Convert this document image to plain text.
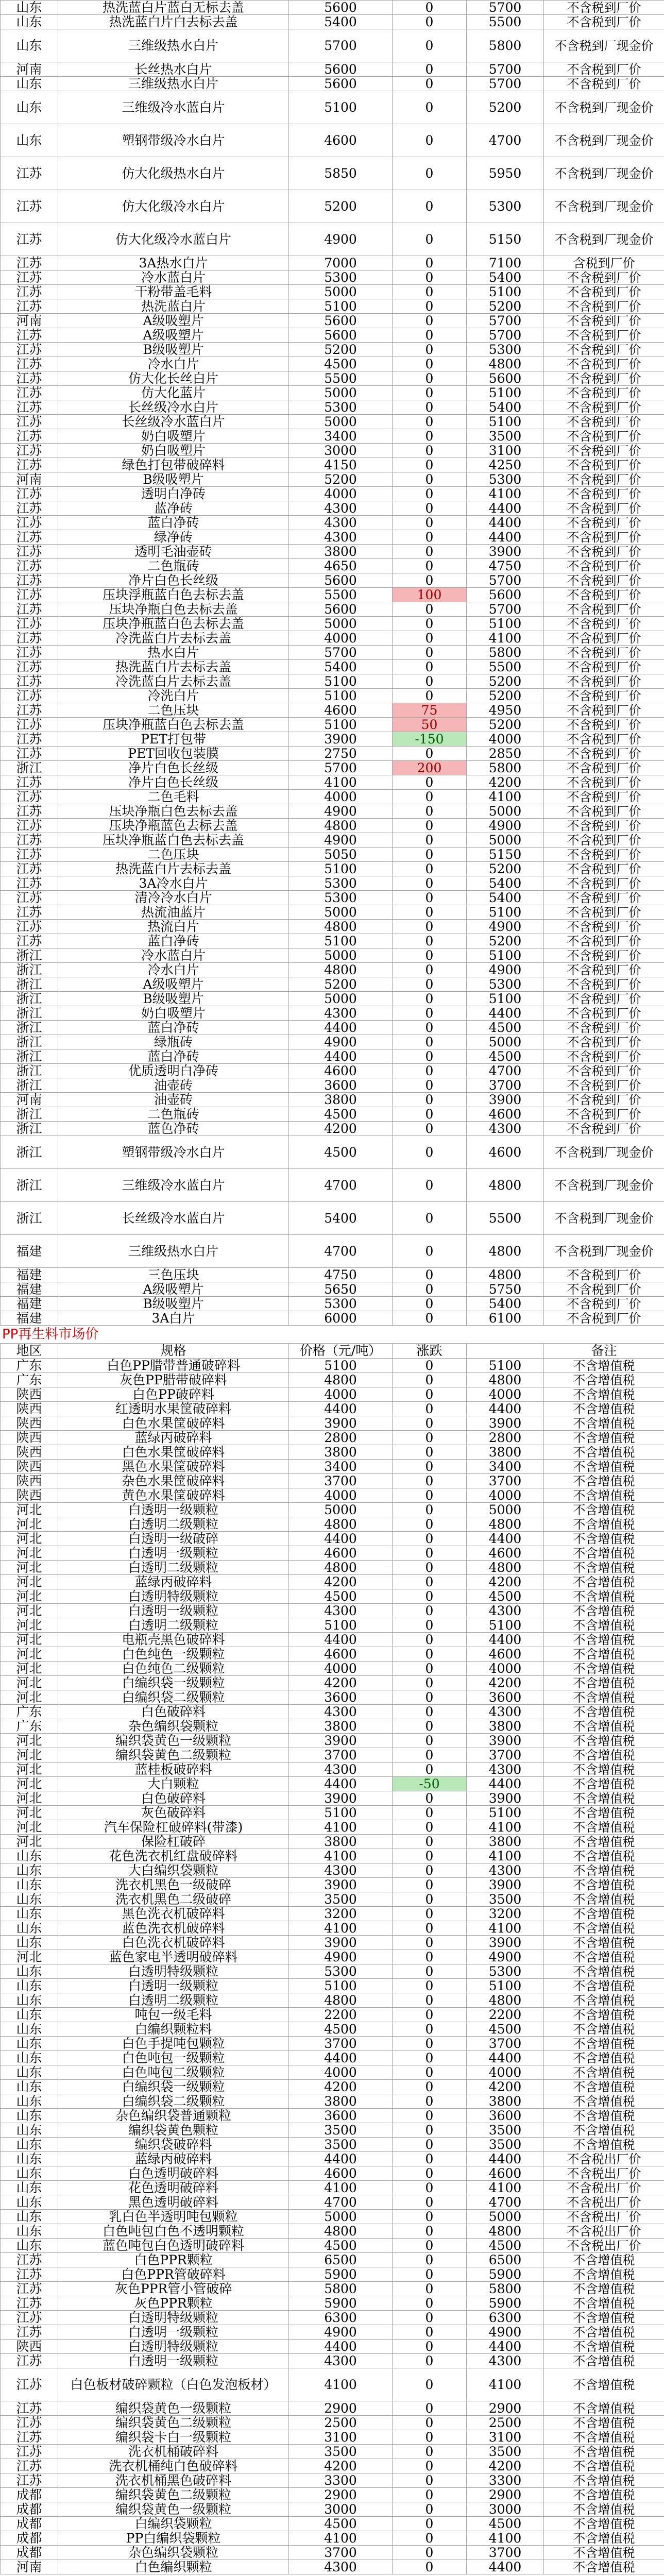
山东	热洗蓝白片蓝白无标去盖	5600	0	5700	不含税到厂价
山东	热洗蓝白片白去标去盖	5400	0	5500	不含税到厂价
山东	三维级热水白片	5700	0	5800	不含税到厂现金价
河南	长丝热水白片	5600	0	5700	不含税到厂价
山东	三维级热水白片	5600	0	5700	不含税到厂价
山东	三维级冷水蓝白片	5100	0	5200	不含税到厂现金价
山东	塑钢带级冷水白片	4600	0	4700	不含税到厂现金价
江苏	仿大化级热水白片	5850	0	5950	不含税到厂现金价
江苏	仿大化级冷水白片	5200	0	5300	不含税到厂现金价
江苏	仿大化级冷水蓝白片	4900	0	5150	不含税到厂现金价
江苏	3A热水白片	7000	0	7100	含税到厂价
江苏	冷水蓝白片	5300	0	5400	不含税到厂价
江苏	干粉带盖毛料	5000	0	5100	不含税到厂价
江苏	热洗蓝白片	5100	0	5200	不含税到厂价
河南	A级吸塑片	5600	0	5700	不含税到厂价
江苏	A级吸塑片	5600	0	5700	不含税到厂价
江苏	B级吸塑片	5200	0	5300	不含税到厂价
江苏	冷水白片	4500	0	4800	不含税到厂价
江苏	仿大化长丝白片	5500	0	5600	不含税到厂价
江苏	仿大化蓝片	5000	0	5100	不含税到厂价
江苏	长丝级冷水白片	5300	0	5400	不含税到厂价
江苏	长丝级冷水蓝白片	5000	0	5100	不含税到厂价
江苏	奶白吸塑片	3400	0	3500	不含税到厂价
江苏	奶白吸塑片	3000	0	3100	不含税到厂价
江苏	绿色打包带破碎料	4150	0	4250	不含税到厂价
河南	B级吸塑片	5200	0	5300	不含税到厂价
江苏	透明白净砖	4000	0	4100	不含税到厂价
江苏	蓝净砖	4300	0	4400	不含税到厂价
江苏	蓝白净砖	4300	0	4400	不含税到厂价
江苏	绿净砖	4300	0	4400	不含税到厂价
江苏	透明毛油壶砖	3800	0	3900	不含税到厂价
江苏	二色瓶砖	4650	0	4750	不含税到厂价
江苏	净片白色长丝级	5600	0	5700	不含税到厂价
江苏	压块浮瓶蓝白色去标去盖	5500	100	5600	不含税到厂价
江苏	压块净瓶白色去标去盖	5600	0	5700	不含税到厂价
江苏	压块净瓶蓝白色去标去盖	5000	0	5100	不含税到厂价
江苏	冷洗蓝白片去标去盖	4000	0	4100	不含税到厂价
江苏	热水白片	5700	0	5800	不含税到厂价
江苏	热洗蓝白片去标去盖	5400	0	5500	不含税到厂价
江苏	冷洗蓝白片去标去盖	5100	0	5200	不含税到厂价
江苏	冷洗白片	5100	0	5200	不含税到厂价
江苏	二色压块	4600	75	4950	不含税到厂价
江苏	压块净瓶蓝白色去标去盖	5100	50	5200	不含税到厂价
江苏	PET打包带	3900	-150	4000	不含税到厂价
江苏	PET回收包装膜	2750	0	2850	不含税到厂价
浙江	净片白色长丝级	5700	200	5800	不含税到厂价
江苏	净片白色长丝级	4100	0	4200	不含税到厂价
江苏	二色毛料	4000	0	4100	不含税到厂价
江苏	压块净瓶白色去标去盖	4900	0	5000	不含税到厂价
江苏	压块净瓶蓝色去标去盖	4800	0	4900	不含税到厂价
江苏	压块净瓶蓝白色去标去盖	4900	0	5000	不含税到厂价
江苏	二色压块	5050	0	5150	不含税到厂价
江苏	热洗蓝白片去标去盖	5100	0	5200	不含税到厂价
江苏	3A冷水白片	5300	0	5400	不含税到厂价
江苏	清冷冷水白片	5300	0	5400	不含税到厂价
江苏	热流油蓝片	5000	0	5100	不含税到厂价
江苏	热流白片	4800	0	4900	不含税到厂价
江苏	蓝白净砖	5100	0	5200	不含税到厂价
浙江	冷水蓝白片	5000	0	5100	不含税到厂价
浙江	冷水白片	4800	0	4900	不含税到厂价
浙江	A级吸塑片	5200	0	5300	不含税到厂价
浙江	B级吸塑片	5000	0	5100	不含税到厂价
浙江	奶白吸塑片	4300	0	4400	不含税到厂价
浙江	蓝白净砖	4400	0	4500	不含税到厂价
浙江	绿瓶砖	4900	0	5000	不含税到厂价
浙江	蓝白净砖	4400	0	4500	不含税到厂价
浙江	优质透明白净砖	4600	0	4700	不含税到厂价
浙江	油壶砖	3600	0	3700	不含税到厂价
河南	油壶砖	3800	0	3900	不含税到厂价
浙江	二色瓶砖	4500	0	4600	不含税到厂价
浙江	蓝色净砖	4200	0	4300	不含税到厂价
浙江	塑钢带级冷水白片	4500	0	4600	不含税到厂现金价
浙江	三维级冷水蓝白片	4700	0	4800	不含税到厂现金价
浙江	长丝级冷水蓝白片	5400	0	5500	不含税到厂现金价
福建	三维级热水白片	4700	0	4800	不含税到厂现金价
福建	三色压块	4750	0	4800	不含税到厂价
福建	A级吸塑片	5650	0	5750	不含税到厂价
福建	B级吸塑片	5300	0	5400	不含税到厂价
福建	3A白片	6000	0	6100	不含税到厂价
PP再生料市场价
地区	规格	价格（元/吨）	涨跌		备注
广东	白色PP腊带普通破碎料	5100	0	5100	不含增值税
广东	灰色PP腊带破碎料	4800	0	4800	不含增值税
陕西	白色PP破碎料	4000	0	4000	不含增值税
陕西	红透明水果筐破碎料	4400	0	4400	不含增值税
陕西	白色水果筐破碎料	3900	0	3900	不含增值税
陕西	蓝绿丙破碎料	2800	0	2800	不含增值税
陕西	白色水果筐破碎料	3800	0	3800	不含增值税
陕西	黑色水果筐破碎料	3400	0	3400	不含增值税
陕西	杂色水果筐破碎料	3700	0	3700	不含增值税
陕西	黄色水果筐破碎料	4000	0	4000	不含增值税
河北	白透明一级颗粒	5000	0	5000	不含增值税
河北	白透明二级颗粒	4800	0	4800	不含增值税
河北	白透明一级破碎	4400	0	4400	不含增值税
河北	白透明一级颗粒	4600	0	4600	不含增值税
河北	白透明二级颗粒	4800	0	4800	不含增值税
河北	蓝绿丙破碎料	4200	0	4200	不含增值税
河北	白透明特级颗粒	4500	0	4500	不含增值税
河北	白透明一级颗粒	4300	0	4300	不含增值税
河北	白透明二级颗粒	5100	0	5100	不含增值税
河北	电瓶壳黑色破碎料	4400	0	4400	不含增值税
河北	白色纯色一级颗粒	4600	0	4600	不含增值税
河北	白色纯色二级颗粒	4000	0	4000	不含增值税
河北	白编织袋一级颗粒	4200	0	4200	不含增值税
河北	白编织袋二级颗粒	3600	0	3600	不含增值税
广东	白色破碎料	4300	0	4300	不含增值税
广东	杂色编织袋颗粒	3800	0	3800	不含增值税
河北	编织袋黄色一级颗粒	3900	0	3900	不含增值税
河北	编织袋黄色二级颗粒	3700	0	3700	不含增值税
河北	蓝桂板破碎料	4300	0	4300	不含增值税
河北	大白颗粒	4400	-50	4400	不含增值税
河北	白色破碎料	3900	0	3900	不含增值税
河北	灰色破碎料	5100	0	5100	不含增值税
河北	汽车保险杠破碎料(带漆)	4100	0	4100	不含增值税
河北	保险杠破碎	3800	0	3800	不含增值税
山东	花色洗衣机红盘破碎料	4100	0	4100	不含增值税
山东	大白编织袋颗粒	4300	0	4300	不含增值税
山东	洗衣机黑色一级破碎	3900	0	3900	不含增值税
山东	洗衣机黑色二级破碎	3500	0	3500	不含增值税
山东	黑色洗衣机破碎料	3200	0	3200	不含增值税
山东	蓝色洗衣机破碎料	4100	0	4100	不含增值税
山东	白色洗衣机破碎料	3900	0	3900	不含增值税
河北	蓝色家电半透明破碎料	4900	0	4900	不含增值税
山东	白透明特级颗粒	5300	0	5300	不含增值税
山东	白透明一级颗粒	5100	0	5100	不含增值税
山东	白透明二级颗粒	4800	0	4800	不含增值税
山东	吨包一级毛料	2200	0	2200	不含增值税
山东	白编织颗粒料	4500	0	4500	不含增值税
山东	白色手提吨包颗粒	3700	0	3700	不含增值税
山东	白色吨包一级颗粒	4400	0	4400	不含增值税
山东	白色吨包二级颗粒	4000	0	4000	不含增值税
山东	白编织袋一级颗粒	4200	0	4200	不含增值税
山东	白编织袋二级颗粒	3800	0	3800	不含增值税
山东	杂色编织袋普通颗粒	3600	0	3600	不含增值税
山东	编织袋黄色颗粒	3500	0	3500	不含增值税
山东	编织袋破碎料	3500	0	3500	不含增值税
山东	蓝绿丙破碎料	4400	0	4400	不含税出厂价
山东	白色透明破碎料	4600	0	4600	不含税出厂价
山东	花色透明破碎料	4100	0	4100	不含税出厂价
山东	黑色透明破碎料	4700	0	4700	不含税出厂价
山东	乳白色半透明吨包颗粒	5000	0	5000	不含税出厂价
山东	白色吨包白色不透明颗粒	4800	0	4800	不含税出厂价
山东	蓝色吨包白色透明破碎料	4500	0	4500	不含税出厂价
江苏	白色PPR颗粒	6500	0	6500	不含增值税
江苏	白色PPR管破碎料	5900	0	5900	不含增值税
江苏	灰色PPR管小管破碎	5800	0	5800	不含增值税
江苏	灰色PPR颗粒	5900	0	5900	不含增值税
江苏	白透明特级颗粒	6300	0	6300	不含增值税
江苏	白透明一级颗粒	4900	0	4900	不含增值税
陕西	白透明特级颗粒	4400	0	4400	不含增值税
江苏	白透明一级颗粒	4300	0	4300	不含增值税
江苏	白色板材破碎颗粒（白色发泡板材）	4100	0	4100	不含增值税
江苏	编织袋黄色一级颗粒	2900	0	2900	不含增值税
江苏	编织袋黄色二级颗粒	2500	0	2500	不含增值税
江苏	编织袋卡白一级颗粒	3100	0	3100	不含增值税
江苏	洗衣机桶破碎料	3500	0	3500	不含增值税
江苏	洗衣机桶纯白色破碎料	4200	0	4200	不含增值税
江苏	洗衣机桶黑色破碎料	3300	0	3300	不含增值税
成都	编织袋黄色二级颗粒	2900	0	2900	不含增值税
成都	编织袋黄色一级颗粒	3000	0	3000	不含增值税
成都	白编织袋颗粒	4500	0	4500	不含增值税
成都	PP白编织袋颗粒	4100	0	4100	不含增值税
成都	杂色编织袋颗粒	3700	0	3700	不含增值税
河南	白色编织颗粒	4300	0	4400	不含增值税
